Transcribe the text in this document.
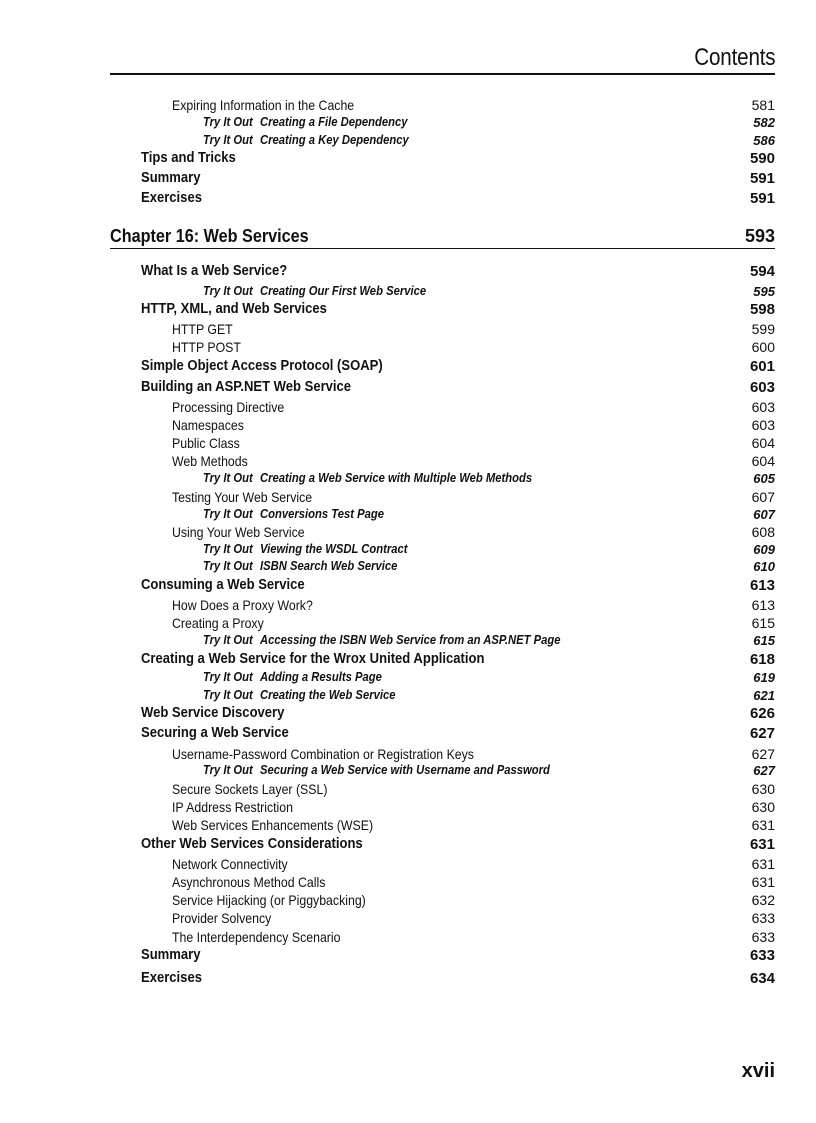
Contents
Expiring Information in the Cache	581
Try It Out Creating a File Dependency	582
Try It Out Creating a Key Dependency	586
Tips and Tricks	590
Summary	591
Exercises	591
Chapter 16: Web Services	593
What Is a Web Service?	594
Try It Out Creating Our First Web Service	595
HTTP, XML, and Web Services	598
HTTP GET	599
HTTP POST	600
Simple Object Access Protocol (SOAP)	601
Building an ASP.NET Web Service	603
Processing Directive	603
Namespaces	603
Public Class	604
Web Methods	604
Try It Out Creating a Web Service with Multiple Web Methods	605
Testing Your Web Service	607
Try It Out Conversions Test Page	607
Using Your Web Service	608
Try It Out Viewing the WSDL Contract	609
Try It Out ISBN Search Web Service	610
Consuming a Web Service	613
How Does a Proxy Work?	613
Creating a Proxy	615
Try It Out Accessing the ISBN Web Service from an ASP.NET Page	615
Creating a Web Service for the Wrox United Application	618
Try It Out Adding a Results Page	619
Try It Out Creating the Web Service	621
Web Service Discovery	626
Securing a Web Service	627
Username-Password Combination or Registration Keys	627
Try It Out Securing a Web Service with Username and Password	627
Secure Sockets Layer (SSL)	630
IP Address Restriction	630
Web Services Enhancements (WSE)	631
Other Web Services Considerations	631
Network Connectivity	631
Asynchronous Method Calls	631
Service Hijacking (or Piggybacking)	632
Provider Solvency	633
The Interdependency Scenario	633
Summary	633
Exercises	634
xvii
